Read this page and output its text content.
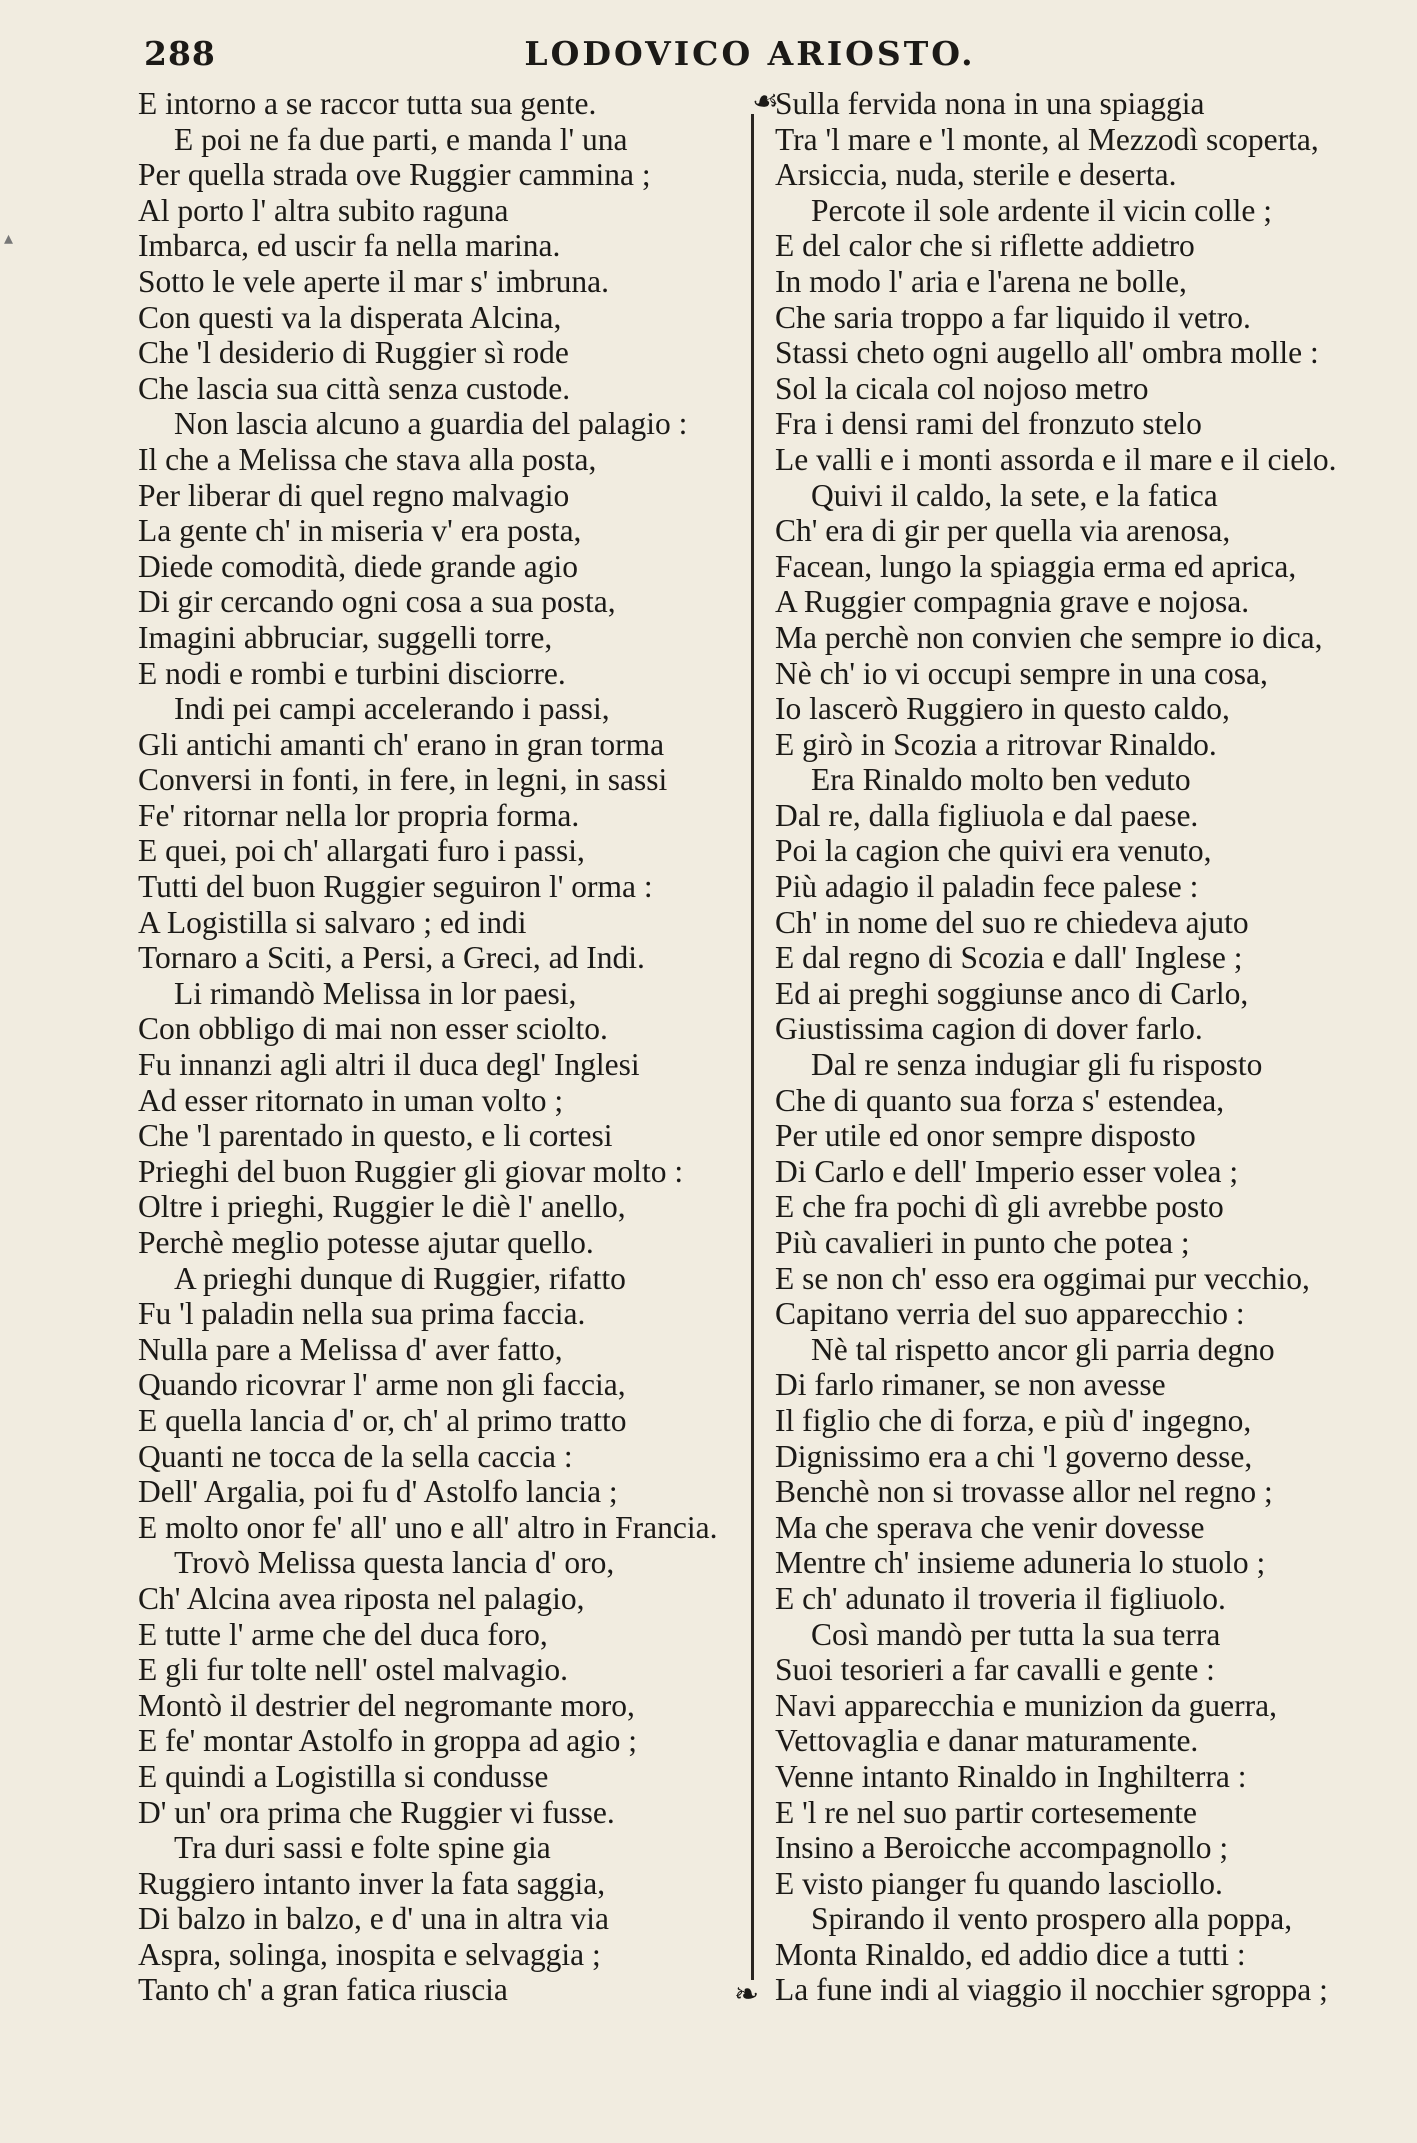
288	LODOVICO ARIOSTO.
▴
E intorno a se raccor tutta sua gente.
E poi ne fa due parti, e manda l' una
Per quella strada ove Ruggier cammina ;
Al porto l' altra subito raguna
Imbarca, ed uscir fa nella marina.
Sotto le vele aperte il mar s' imbruna.
Con questi va la disperata Alcina,
Che 'l desiderio di Ruggier sì rode
Che lascia sua città senza custode.
Non lascia alcuno a guardia del palagio :
Il che a Melissa che stava alla posta,
Per liberar di quel regno malvagio
La gente ch' in miseria v' era posta,
Diede comodità, diede grande agio
Di gir cercando ogni cosa a sua posta,
Imagini abbruciar, suggelli torre,
E nodi e rombi e turbini disciorre.
Indi pei campi accelerando i passi,
Gli antichi amanti ch' erano in gran torma
Conversi in fonti, in fere, in legni, in sassi
Fe' ritornar nella lor propria forma.
E quei, poi ch' allargati furo i passi,
Tutti del buon Ruggier seguiron l' orma :
A Logistilla si salvaro ; ed indi
Tornaro a Sciti, a Persi, a Greci, ad Indi.
Li rimandò Melissa in lor paesi,
Con obbligo di mai non esser sciolto.
Fu innanzi agli altri il duca degl' Inglesi
Ad esser ritornato in uman volto ;
Che 'l parentado in questo, e li cortesi
Prieghi del buon Ruggier gli giovar molto :
Oltre i prieghi, Ruggier le diè l' anello,
Perchè meglio potesse ajutar quello.
A prieghi dunque di Ruggier, rifatto
Fu 'l paladin nella sua prima faccia.
Nulla pare a Melissa d' aver fatto,
Quando ricovrar l' arme non gli faccia,
E quella lancia d' or, ch' al primo tratto
Quanti ne tocca de la sella caccia :
Dell' Argalia, poi fu d' Astolfo lancia ;
E molto onor fe' all' uno e all' altro in Francia.
Trovò Melissa questa lancia d' oro,
Ch' Alcina avea riposta nel palagio,
E tutte l' arme che del duca foro,
E gli fur tolte nell' ostel malvagio.
Montò il destrier del negromante moro,
E fe' montar Astolfo in groppa ad agio ;
E quindi a Logistilla si condusse
D' un' ora prima che Ruggier vi fusse.
Tra duri sassi e folte spine gia
Ruggiero intanto inver la fata saggia,
Di balzo in balzo, e d' una in altra via
Aspra, solinga, inospita e selvaggia ;
Tanto ch' a gran fatica riuscia
☙
❧
Sulla fervida nona in una spiaggia
Tra 'l mare e 'l monte, al Mezzodì scoperta,
Arsiccia, nuda, sterile e deserta.
Percote il sole ardente il vicin colle ;
E del calor che si riflette addietro
In modo l' aria e l'arena ne bolle,
Che saria troppo a far liquido il vetro.
Stassi cheto ogni augello all' ombra molle :
Sol la cicala col nojoso metro
Fra i densi rami del fronzuto stelo
Le valli e i monti assorda e il mare e il cielo.
Quivi il caldo, la sete, e la fatica
Ch' era di gir per quella via arenosa,
Facean, lungo la spiaggia erma ed aprica,
A Ruggier compagnia grave e nojosa.
Ma perchè non convien che sempre io dica,
Nè ch' io vi occupi sempre in una cosa,
Io lascerò Ruggiero in questo caldo,
E girò in Scozia a ritrovar Rinaldo.
Era Rinaldo molto ben veduto
Dal re, dalla figliuola e dal paese.
Poi la cagion che quivi era venuto,
Più adagio il paladin fece palese :
Ch' in nome del suo re chiedeva ajuto
E dal regno di Scozia e dall' Inglese ;
Ed ai preghi soggiunse anco di Carlo,
Giustissima cagion di dover farlo.
Dal re senza indugiar gli fu risposto
Che di quanto sua forza s' estendea,
Per utile ed onor sempre disposto
Di Carlo e dell' Imperio esser volea ;
E che fra pochi dì gli avrebbe posto
Più cavalieri in punto che potea ;
E se non ch' esso era oggimai pur vecchio,
Capitano verria del suo apparecchio :
Nè tal rispetto ancor gli parria degno
Di farlo rimaner, se non avesse
Il figlio che di forza, e più d' ingegno,
Dignissimo era a chi 'l governo desse,
Benchè non si trovasse allor nel regno ;
Ma che sperava che venir dovesse
Mentre ch' insieme aduneria lo stuolo ;
E ch' adunato il troveria il figliuolo.
Così mandò per tutta la sua terra
Suoi tesorieri a far cavalli e gente :
Navi apparecchia e munizion da guerra,
Vettovaglia e danar maturamente.
Venne intanto Rinaldo in Inghilterra :
E 'l re nel suo partir cortesemente
Insino a Beroicche accompagnollo ;
E visto pianger fu quando lasciollo.
Spirando il vento prospero alla poppa,
Monta Rinaldo, ed addio dice a tutti :
La fune indi al viaggio il nocchier sgroppa ;
